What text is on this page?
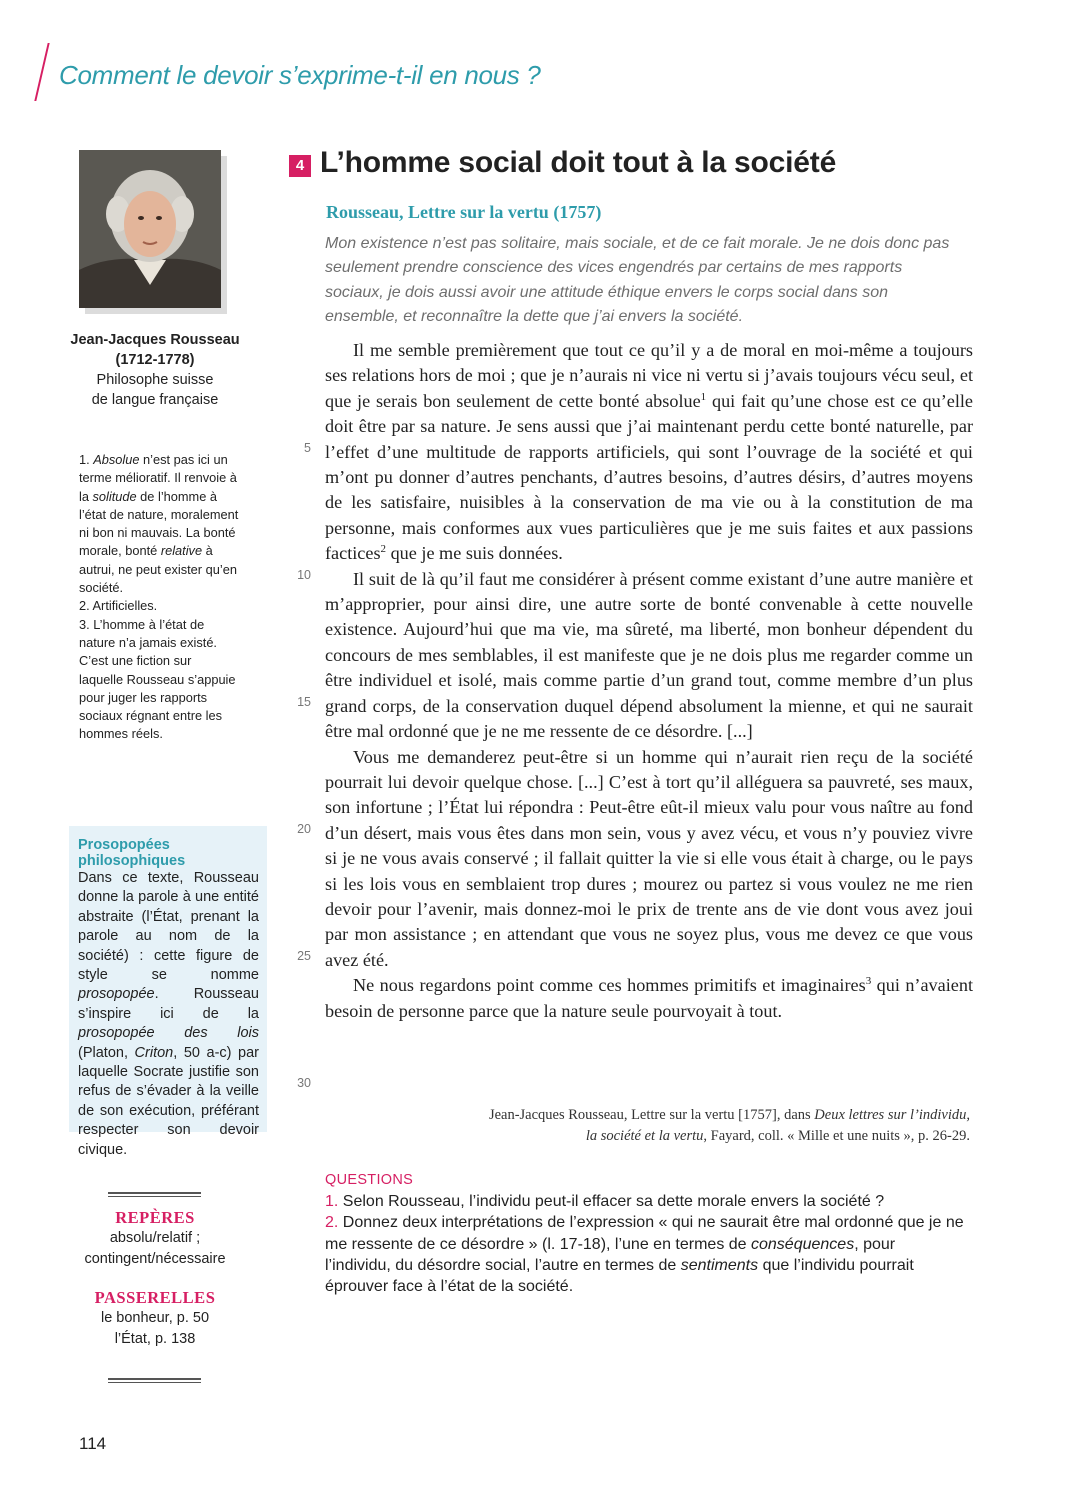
Comment le devoir s’exprime-t-il en nous ?
Jean-Jacques Rousseau
(1712-1778)
Philosophe suisse
de langue française

1. Absolue n’est pas ici un terme mélioratif. Il renvoie à la solitude de l’homme à l’état de nature, moralement ni bon ni mauvais. La bonté morale, bonté relative à autrui, ne peut exister qu’en société.

2. Artificielles.

3. L’homme à l’état de nature n’a jamais existé. C’est une fiction sur laquelle Rousseau s’appuie pour juger les rapports sociaux régnant entre les hommes réels.

Prosopopées
philosophiques

Dans ce texte, Rousseau donne la parole à une entité abstraite (l’État, prenant la parole au nom de la société) : cette figure de style se nomme prosopopée. Rousseau s’inspire ici de la prosopopée des lois (Platon, Criton, 50 a-c) par laquelle Socrate justifie son refus de s’évader à la veille de son exécution, préférant respecter son devoir civique.

REPÈRES
absolu/relatif ;
contingent/nécessaire
PASSERELLES
le bonheur, p. 50
l’État, p. 138
114
4 L’homme social doit tout à la société
Rousseau, Lettre sur la vertu (1757)
Mon existence n’est pas solitaire, mais sociale, et de ce fait morale. Je ne dois donc pas seulement prendre conscience des vices engendrés par certains de mes rapports sociaux, je dois aussi avoir une attitude éthique envers le corps social dans son ensemble, et reconnaître la dette que j’ai envers la société.
5
10
15
20
25
30

Il me semble premièrement que tout ce qu’il y a de moral en moi-même a toujours ses relations hors de moi ; que je n’aurais ni vice ni vertu si j’avais toujours vécu seul, et que je serais bon seulement de cette bonté absolue$^1$ qui fait qu’une chose est ce qu’elle doit être par sa nature. Je sens aussi que j’ai maintenant perdu cette bonté naturelle, par l’effet d’une multitude de rapports artificiels, qui sont l’ouvrage de la société et qui m’ont pu donner d’autres penchants, d’autres besoins, d’autres désirs, d’autres moyens de les satisfaire, nuisibles à la conservation de ma vie ou à la constitution de ma personne, mais conformes aux vues particulières que je me suis faites et aux passions factices$^2$ que je me suis données.

Il suit de là qu’il faut me considérer à présent comme existant d’une autre manière et m’approprier, pour ainsi dire, une autre sorte de bonté convenable à cette nouvelle existence. Aujourd’hui que ma vie, ma sûreté, ma liberté, mon bonheur dépendent du concours de mes semblables, il est manifeste que je ne dois plus me regarder comme un être individuel et isolé, mais comme partie d’un grand tout, comme membre d’un plus grand corps, de la conservation duquel dépend absolument la mienne, et qui ne saurait être mal ordonné que je ne me ressente de ce désordre. [...]

Vous me demanderez peut-être si un homme qui n’aurait rien reçu de la société pourrait lui devoir quelque chose. [...] C’est à tort qu’il alléguera sa pauvreté, ses maux, son infortune ; l’État lui répondra : Peut-être eût-il mieux valu pour vous naître au fond d’un désert, mais vous êtes dans mon sein, vous y avez vécu, et vous n’y pouviez vivre si je ne vous avais conservé ; il fallait quitter la vie si elle vous était à charge, ou le pays si les lois vous en semblaient trop dures ; mourez ou partez si vous voulez ne me rien devoir pour l’avenir, mais donnez-moi le prix de trente ans de vie dont vous avez joui par mon assistance ; en attendant que vous ne soyez plus, vous me devez ce que vous avez été.

Ne nous regardons point comme ces hommes primitifs et imaginaires$^3$ qui n’avaient besoin de personne parce que la nature seule pourvoyait à tout.

Jean-Jacques Rousseau, Lettre sur la vertu [1757], dans Deux lettres sur l’individu,
la société et la vertu, Fayard, coll. « Mille et une nuits », p. 26-29.

QUESTIONS

1. Selon Rousseau, l’individu peut-il effacer sa dette morale envers la société ?

2. Donnez deux interprétations de l’expression « qui ne saurait être mal ordonné que je ne me ressente de ce désordre » (l. 17-18), l’une en termes de conséquences, pour l’individu, du désordre social, l’autre en termes de sentiments que l’individu pourrait éprouver face à l’état de la société.
